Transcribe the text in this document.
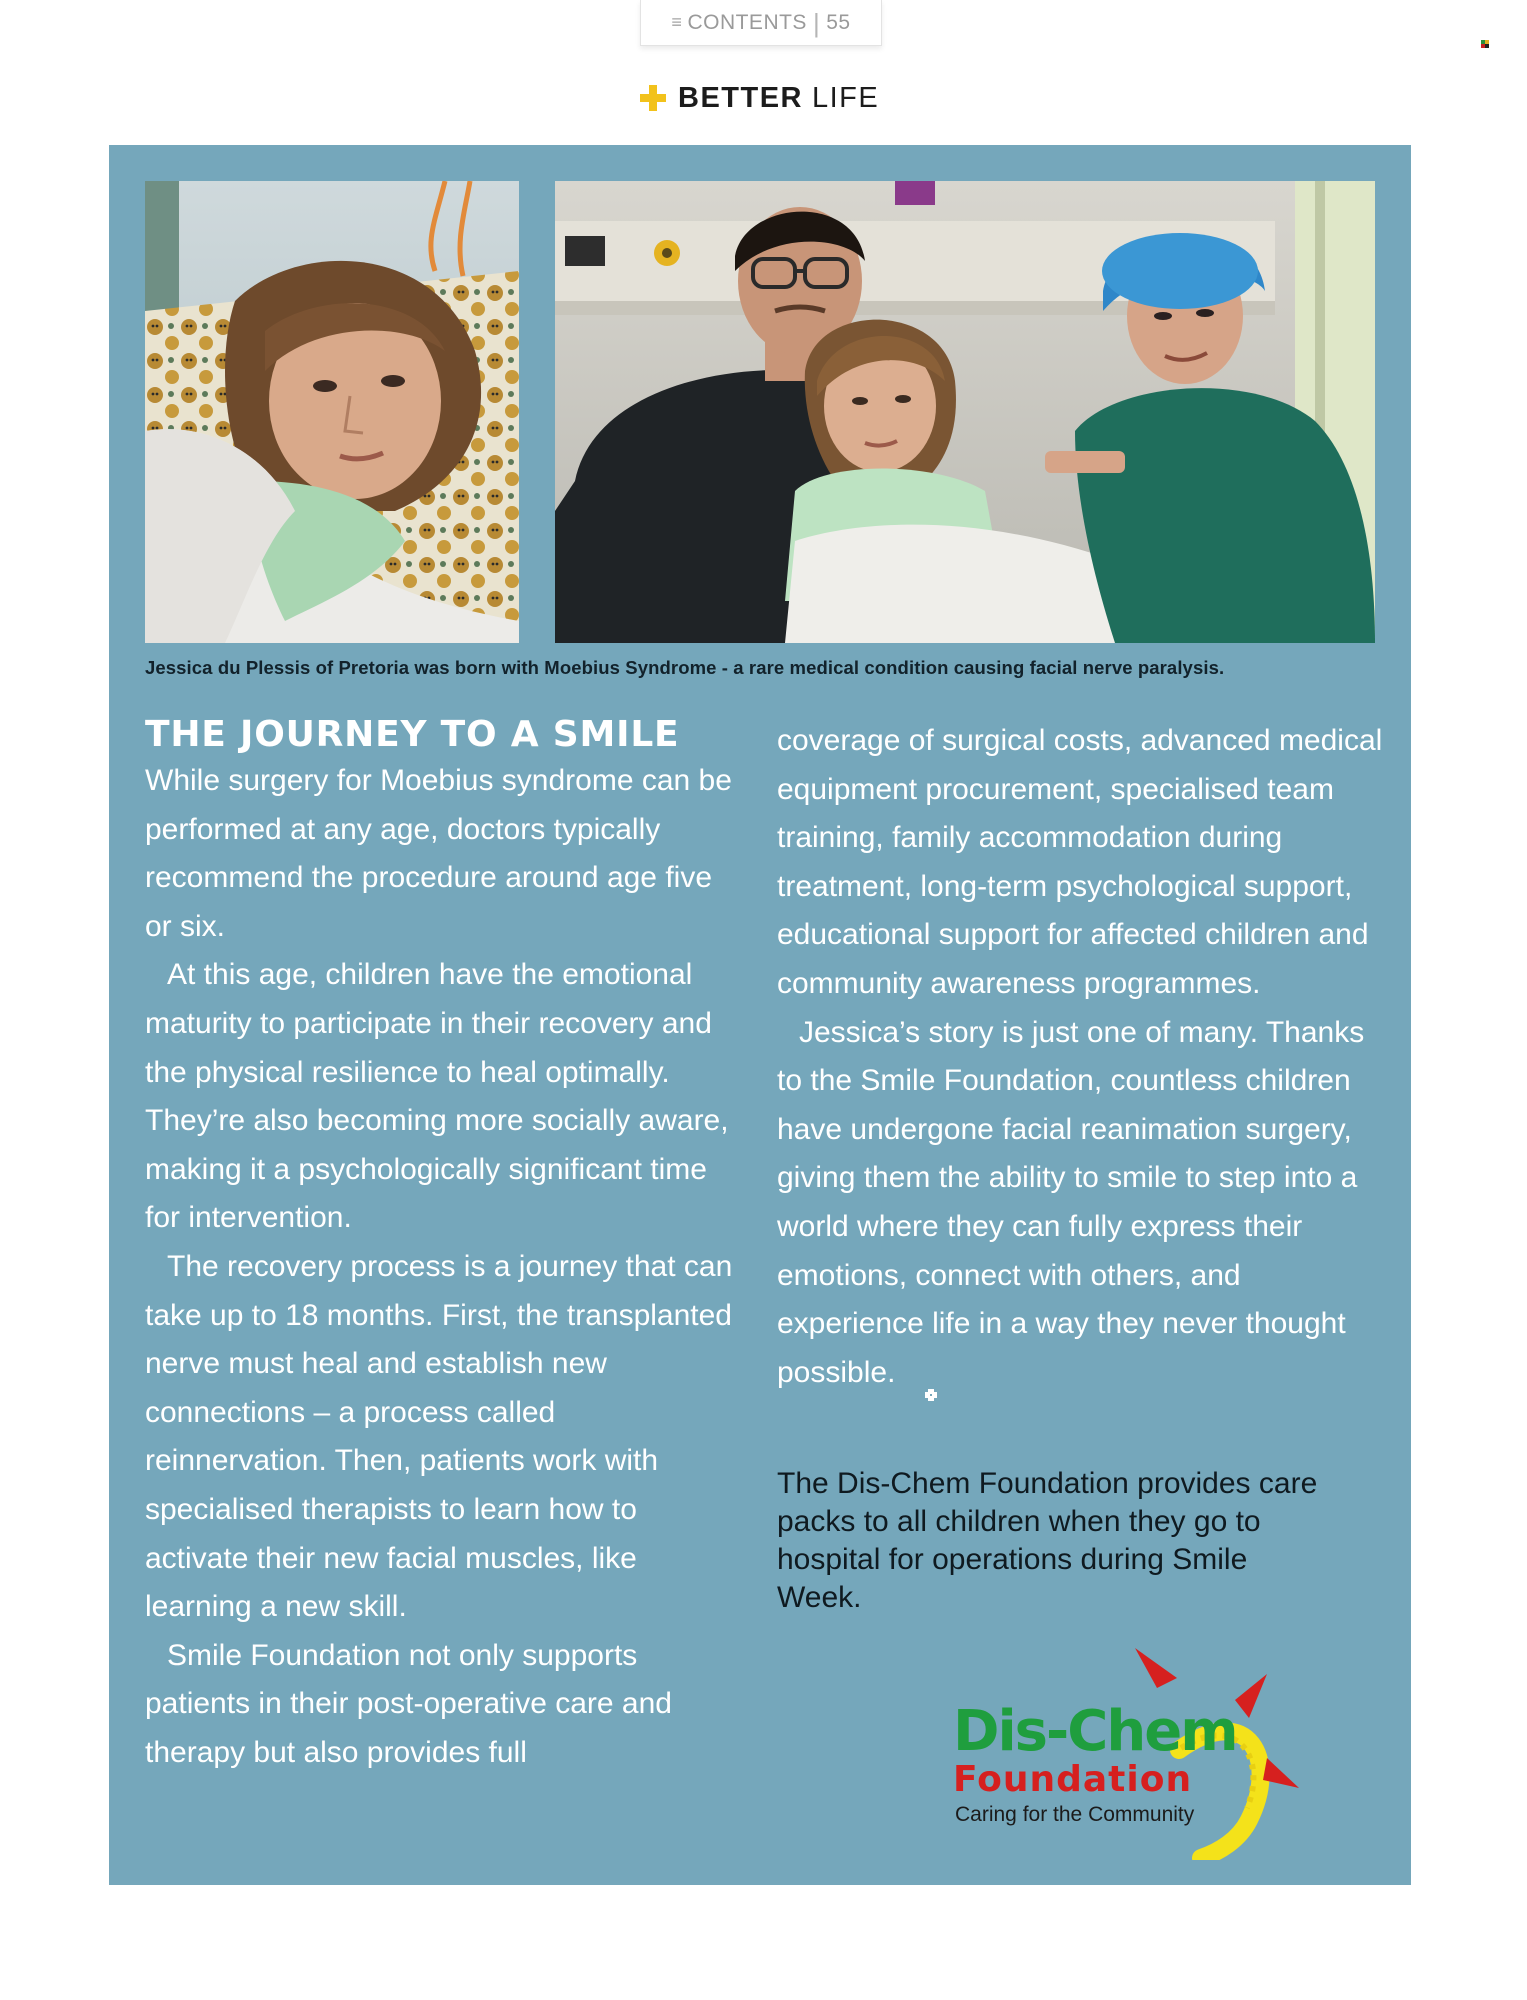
≡ CONTENTS | 55
BETTER LIFE
Jessica du Plessis of Pretoria was born with Moebius Syndrome - a rare medical condition causing facial nerve paralysis.
THE JOURNEY TO A SMILE

While surgery for Moebius syndrome can be performed at any age, doctors typically recommend the procedure around age five or six.

At this age, children have the emotional maturity to participate in their recovery and the physical resilience to heal optimally. They’re also becoming more socially aware, making it a psychologically significant time for intervention.

The recovery process is a journey that can take up to 18 months. First, the transplanted nerve must heal and establish new connections – a process called reinnervation. Then, patients work with specialised therapists to learn how to activate their new facial muscles, like learning a new skill.

Smile Foundation not only supports patients in their post-operative care and therapy but also provides full

coverage of surgical costs, advanced medical equipment procurement, specialised team training, family accommodation during treatment, long-term psychological support, educational support for affected children and community awareness programmes.

Jessica’s story is just one of many. Thanks to the Smile Foundation, countless children have undergone facial reanimation surgery, giving them the ability to smile to step into a world where they can fully express their emotions, connect with others, and experience life in a way they never thought possible.

The Dis-Chem Foundation provides care packs to all children when they go to hospital for operations during Smile Week.
Dis-Chem
Foundation
Caring for the Community
